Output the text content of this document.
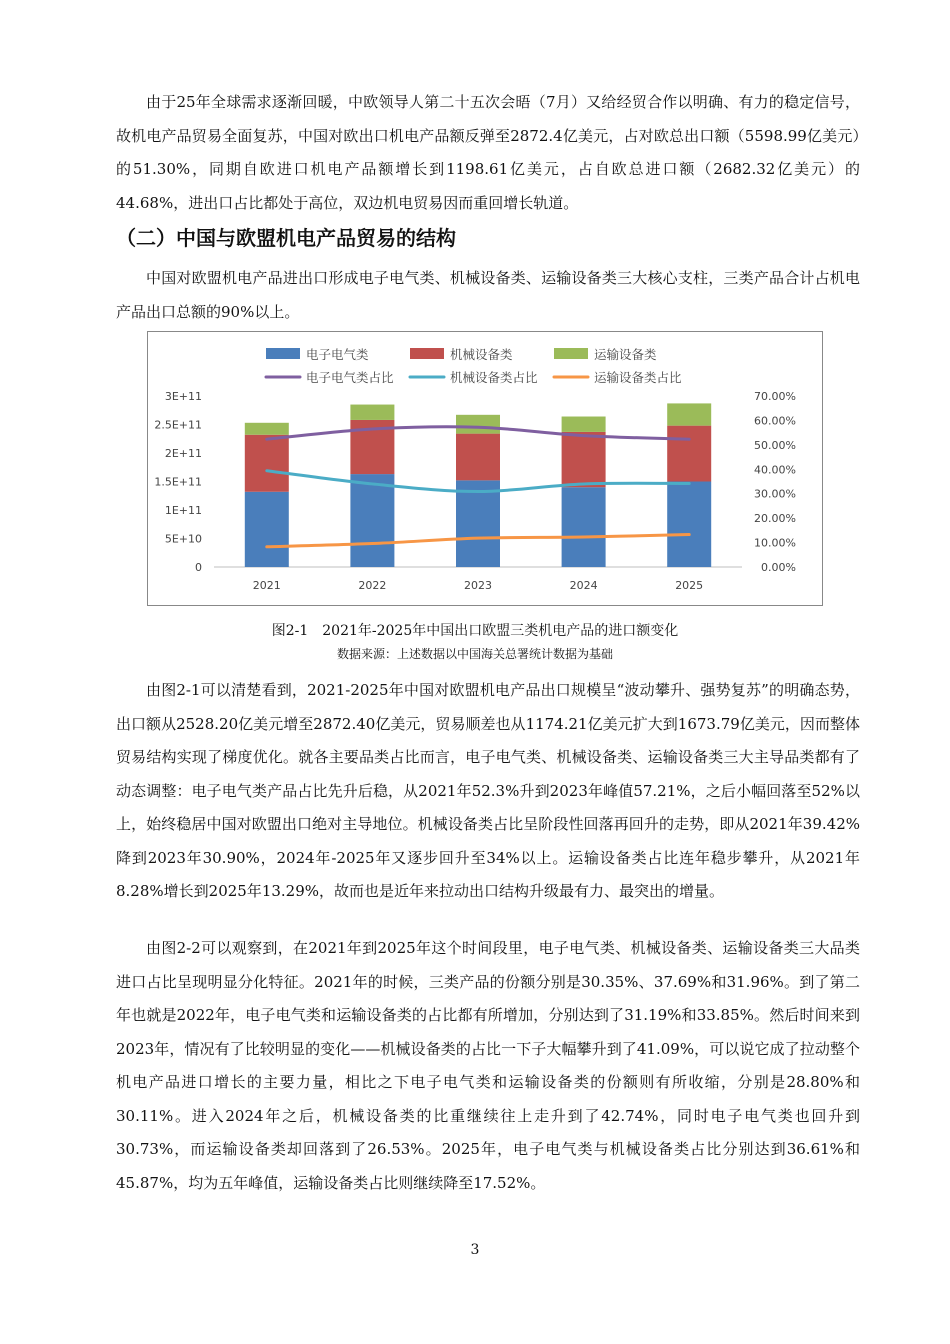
由于25年全球需求逐渐回暖，中欧领导人第二十五次会晤（7月）又给经贸合作以明确、有力的稳定信号，故机电产品贸易全面复苏，中国对欧出口机电产品额反弹至2872.4亿美元，占对欧总出口额（5598.99亿美元）的51.30%，同期自欧进口机电产品额增长到1198.61亿美元，占自欧总进口额（2682.32亿美元）的44.68%，进出口占比都处于高位，双边机电贸易因而重回增长轨道。

（二）中国与欧盟机电产品贸易的结构

中国对欧盟机电产品进出口形成电子电气类、机械设备类、运输设备类三大核心支柱，三类产品合计占机电产品出口总额的90%以上。

0
5E+10
1E+11
1.5E+11
2E+11
2.5E+11
3E+11
0.00%
10.00%
20.00%
30.00%
40.00%
50.00%
60.00%
70.00%
2021	2022	2023	2024	2025
电子电气类	机械设备类	运输设备类
电子电气类占比	机械设备类占比	运输设备类占比

图2-1　2021年-2025年中国出口欧盟三类机电产品的进口额变化

数据来源：上述数据以中国海关总署统计数据为基础

由图2-1可以清楚看到，2021-2025年中国对欧盟机电产品出口规模呈“波动攀升、强势复苏”的明确态势，出口额从2528.20亿美元增至2872.40亿美元，贸易顺差也从1174.21亿美元扩大到1673.79亿美元，因而整体贸易结构实现了梯度优化。就各主要品类占比而言，电子电气类、机械设备类、运输设备类三大主导品类都有了动态调整：电子电气类产品占比先升后稳，从2021年52.3%升到2023年峰值57.21%，之后小幅回落至52%以上，始终稳居中国对欧盟出口绝对主导地位。机械设备类占比呈阶段性回落再回升的走势，即从2021年39.42%降到2023年30.90%，2024年-2025年又逐步回升至34%以上。运输设备类占比连年稳步攀升，从2021年8.28%增长到2025年13.29%，故而也是近年来拉动出口结构升级最有力、最突出的增量。

由图2-2可以观察到，在2021年到2025年这个时间段里，电子电气类、机械设备类、运输设备类三大品类进口占比呈现明显分化特征。2021年的时候，三类产品的份额分别是30.35%、37.69%和31.96%。到了第二年也就是2022年，电子电气类和运输设备类的占比都有所增加，分别达到了31.19%和33.85%。然后时间来到2023年，情况有了比较明显的变化——机械设备类的占比一下子大幅攀升到了41.09%，可以说它成了拉动整个机电产品进口增长的主要力量，相比之下电子电气类和运输设备类的份额则有所收缩，分别是28.80%和30.11%。进入2024年之后，机械设备类的比重继续往上走升到了42.74%，同时电子电气类也回升到30.73%，而运输设备类却回落到了26.53%。2025年，电子电气类与机械设备类占比分别达到36.61%和45.87%，均为五年峰值，运输设备类占比则继续降至17.52%。

3
